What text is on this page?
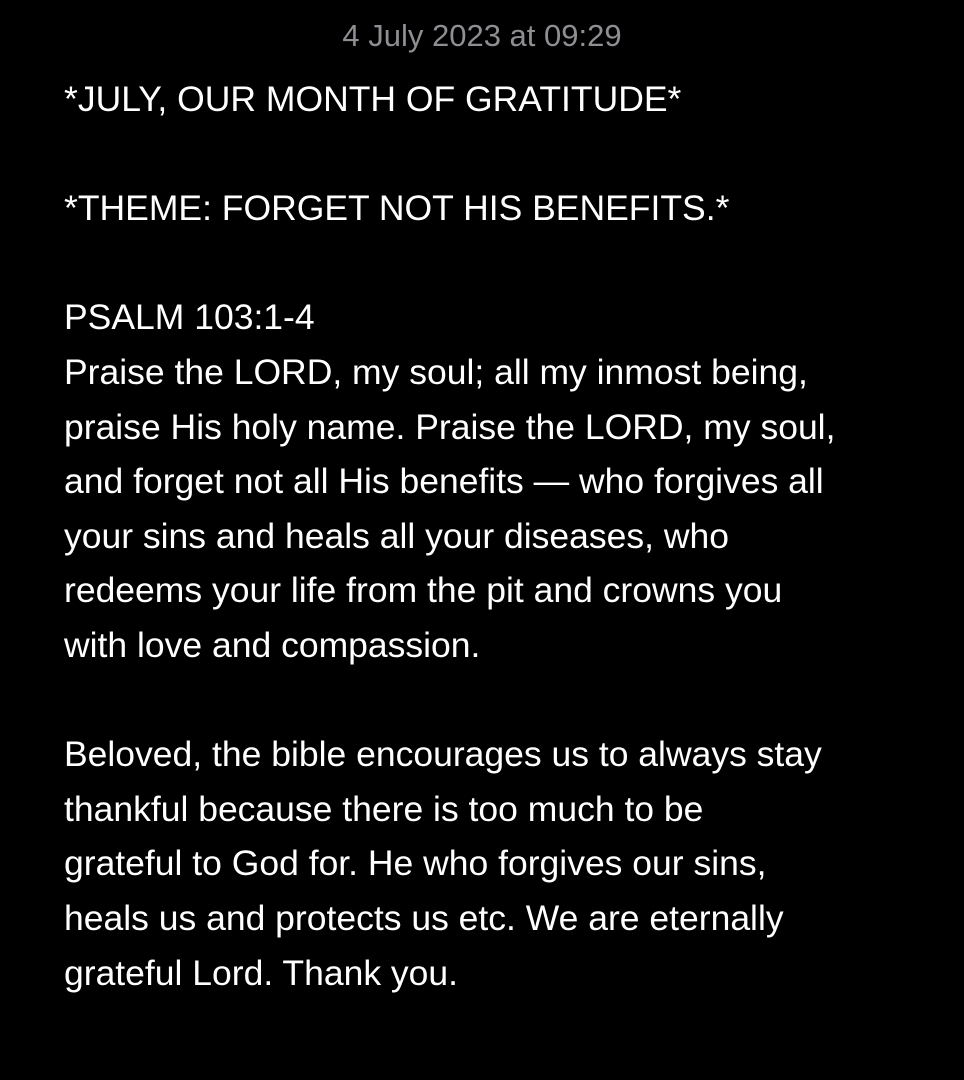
4 July 2023 at 09:29
*JULY, OUR MONTH OF GRATITUDE*
*THEME: FORGET NOT HIS BENEFITS.*
PSALM 103:1-4
Praise the LORD, my soul; all my inmost being,
praise His holy name. Praise the LORD, my soul,
and forget not all His benefits — who forgives all
your sins and heals all your diseases, who
redeems your life from the pit and crowns you
with love and compassion.
Beloved, the bible encourages us to always stay
thankful because there is too much to be
grateful to God for. He who forgives our sins,
heals us and protects us etc. We are eternally
grateful Lord. Thank you.
